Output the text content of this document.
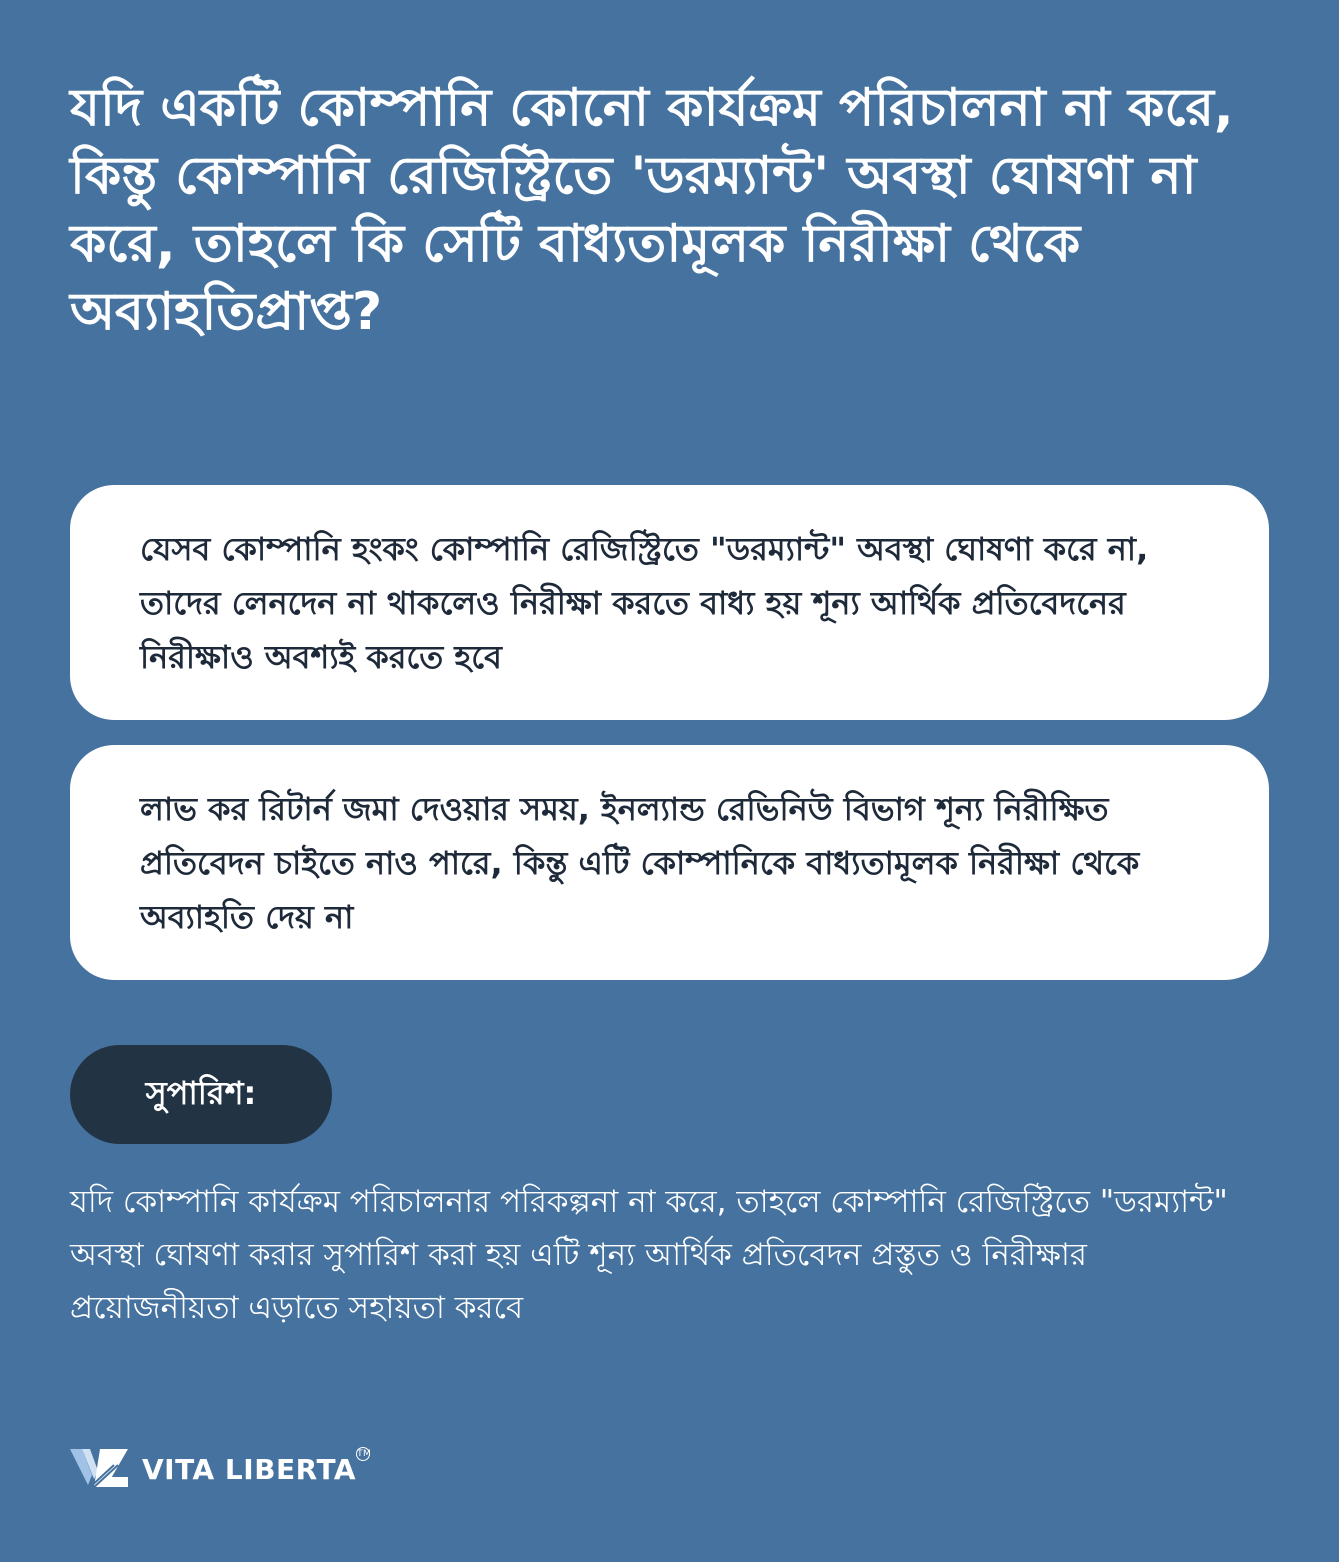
যদি একটি কোম্পানি কোনো কার্যক্রম পরিচালনা না করে, কিন্তু কোম্পানি রেজিস্ট্রিতে 'ডরম্যান্ট' অবস্থা ঘোষণা না করে, তাহলে কি সেটি বাধ্যতামূলক নিরীক্ষা থেকে অব্যাহতিপ্রাপ্ত?

যেসব কোম্পানি হংকং কোম্পানি রেজিস্ট্রিতে "ডরম্যান্ট" অবস্থা ঘোষণা করে না, তাদের লেনদেন না থাকলেও নিরীক্ষা করতে বাধ্য হয় শূন্য আর্থিক প্রতিবেদনের নিরীক্ষাও অবশ্যই করতে হবে

লাভ কর রিটার্ন জমা দেওয়ার সময়, ইনল্যান্ড রেভিনিউ বিভাগ শূন্য নিরীক্ষিত প্রতিবেদন চাইতে নাও পারে, কিন্তু এটি কোম্পানিকে বাধ্যতামূলক নিরীক্ষা থেকে অব্যাহতি দেয় না

সুপারিশ:

যদি কোম্পানি কার্যক্রম পরিচালনার পরিকল্পনা না করে, তাহলে কোম্পানি রেজিস্ট্রিতে "ডরম্যান্ট" অবস্থা ঘোষণা করার সুপারিশ করা হয় এটি শূন্য আর্থিক প্রতিবেদন প্রস্তুত ও নিরীক্ষার প্রয়োজনীয়তা এড়াতে সহায়তা করবে

VITA LIBERTA TM
